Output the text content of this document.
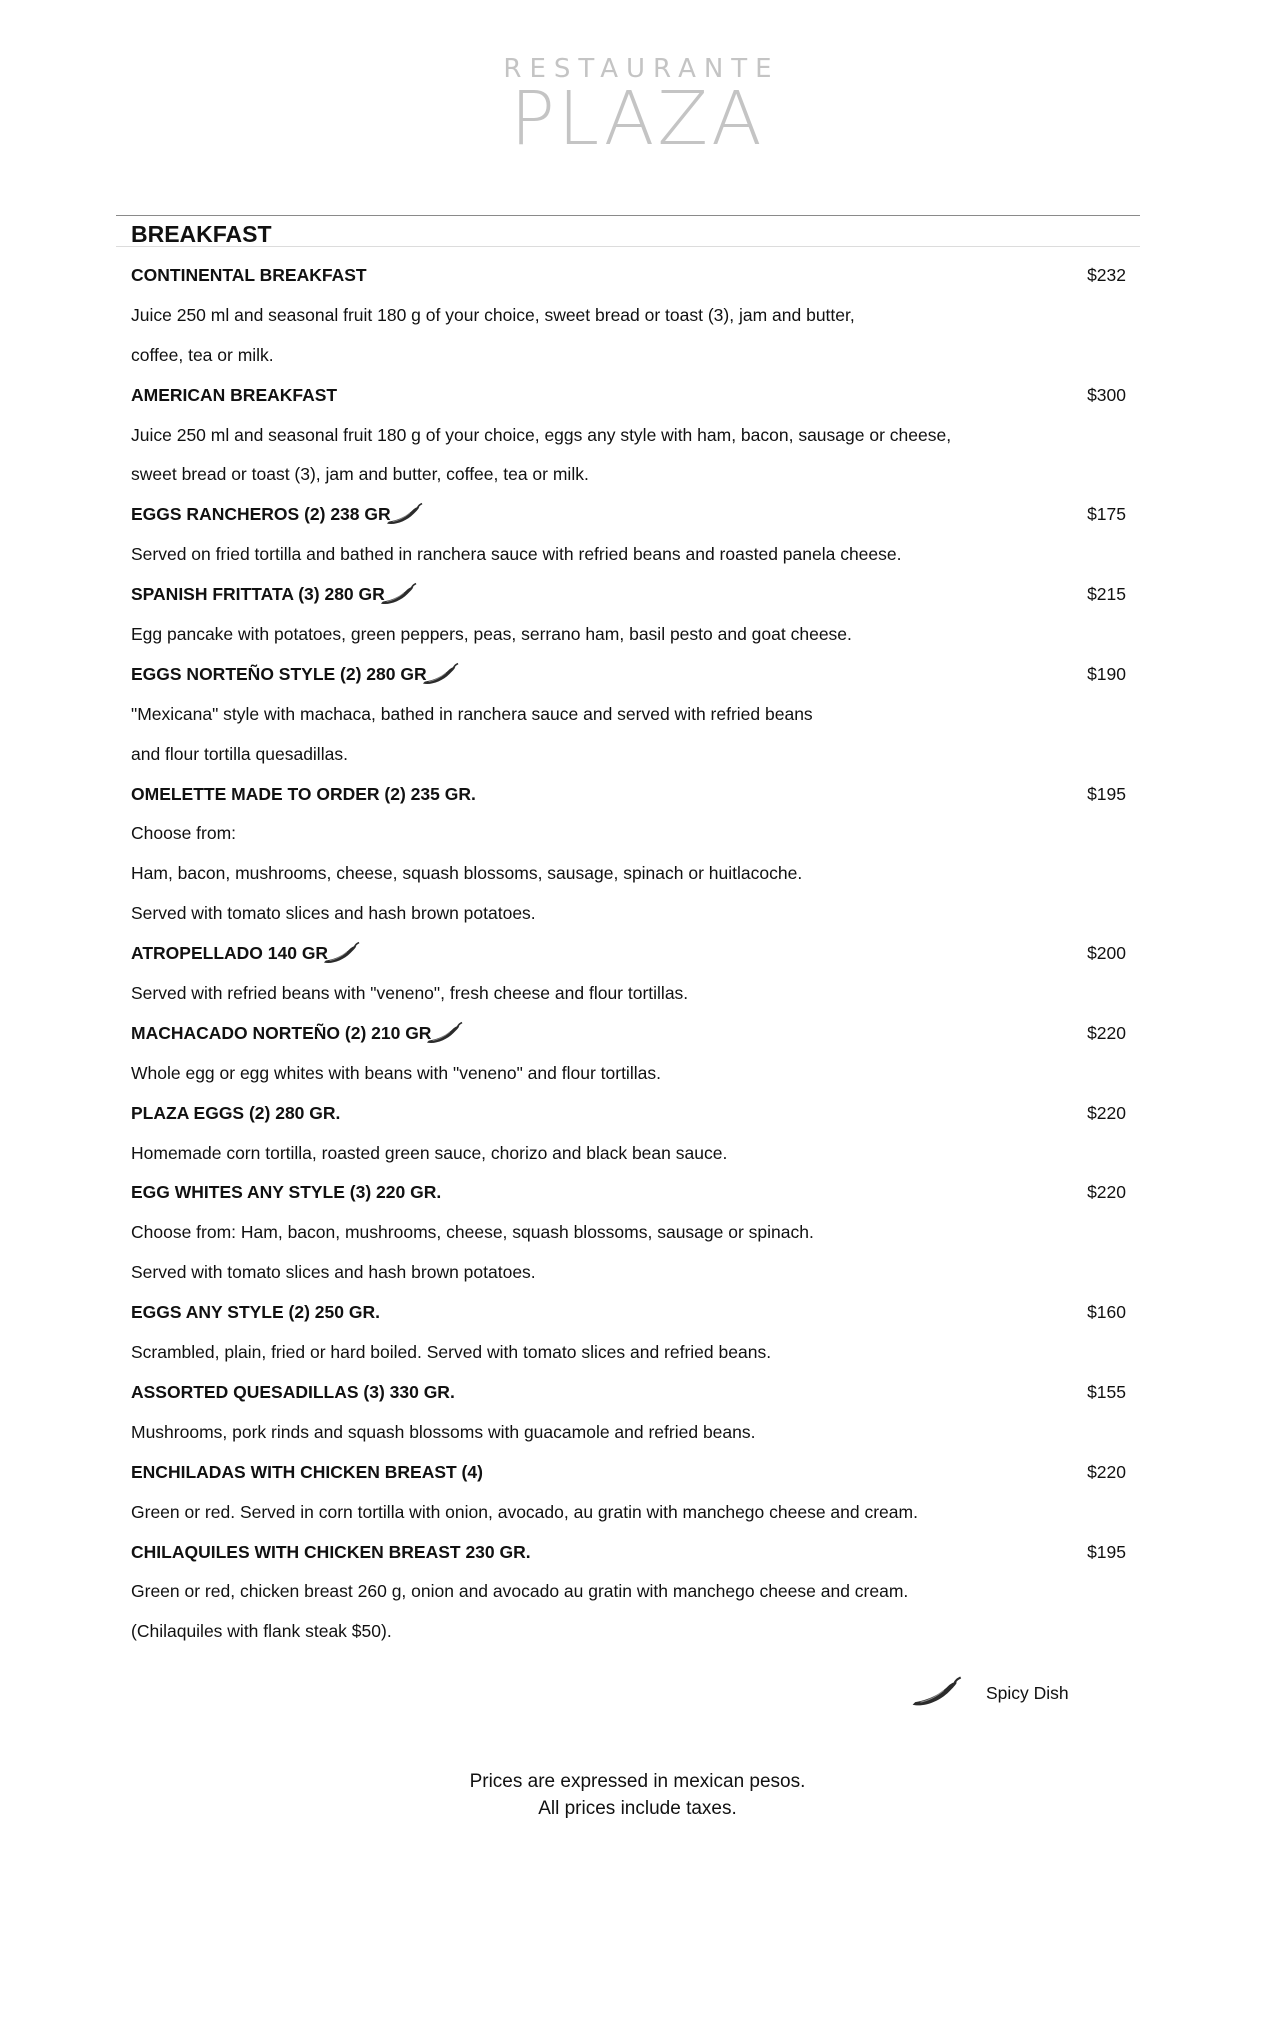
RESTAURANTE
PLAZA
BREAKFAST
CONTINENTAL BREAKFAST	$232
Juice 250 ml and seasonal fruit 180 g of your choice, sweet bread or toast (3), jam and butter,
coffee, tea or milk.
AMERICAN BREAKFAST	$300
Juice 250 ml and seasonal fruit 180 g of your choice, eggs any style with ham, bacon, sausage or cheese,
sweet bread or toast (3), jam and butter, coffee, tea or milk.
EGGS RANCHEROS (2) 238 GR	$175
Served on fried tortilla and bathed in ranchera sauce with refried beans and roasted panela cheese.
SPANISH FRITTATA (3) 280 GR	$215
Egg pancake with potatoes, green peppers, peas, serrano ham, basil pesto and goat cheese.
EGGS NORTEÑO STYLE (2) 280 GR	$190
"Mexicana" style with machaca, bathed in ranchera sauce and served with refried beans
and flour tortilla quesadillas.
OMELETTE MADE TO ORDER (2) 235 GR.	$195
Choose from:
Ham, bacon, mushrooms, cheese, squash blossoms, sausage, spinach or huitlacoche.
Served with tomato slices and hash brown potatoes.
ATROPELLADO 140 GR	$200
Served with refried beans with "veneno", fresh cheese and flour tortillas.
MACHACADO NORTEÑO (2) 210 GR	$220
Whole egg or egg whites with beans with "veneno" and flour tortillas.
PLAZA EGGS (2) 280 GR.	$220
Homemade corn tortilla, roasted green sauce, chorizo and black bean sauce.
EGG WHITES ANY STYLE (3) 220 GR.	$220
Choose from: Ham, bacon, mushrooms, cheese, squash blossoms, sausage or spinach.
Served with tomato slices and hash brown potatoes.
EGGS ANY STYLE (2) 250 GR.	$160
Scrambled, plain, fried or hard boiled. Served with tomato slices and refried beans.
ASSORTED QUESADILLAS (3) 330 GR.	$155
Mushrooms, pork rinds and squash blossoms with guacamole and refried beans.
ENCHILADAS WITH CHICKEN BREAST (4)	$220
Green or red. Served in corn tortilla with onion, avocado, au gratin with manchego cheese and cream.
CHILAQUILES WITH CHICKEN BREAST 230 GR.	$195
Green or red, chicken breast 260 g, onion and avocado au gratin with manchego cheese and cream.
(Chilaquiles with flank steak $50).
Spicy Dish
Prices are expressed in mexican pesos.
All prices include taxes.
